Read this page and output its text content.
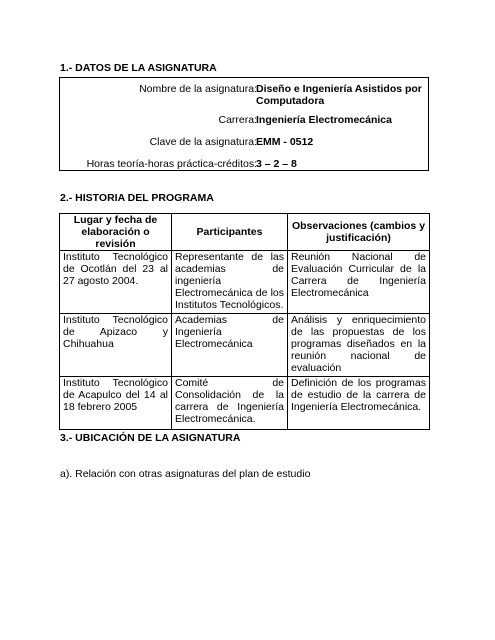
1.- DATOS DE LA ASIGNATURA
Nombre de la asignatura: Diseño e Ingeniería Asistidos por Computadora
Carrera: Ingeniería Electromecánica
Clave de la asignatura: EMM - 0512
Horas teoría-horas práctica-créditos: 3 – 2 – 8
2.- HISTORIA DEL PROGRAMA
Lugar y fecha de elaboración o revisión	Participantes	Observaciones (cambios y justificación)
Instituto Tecnológico de Ocotlán del 23 al 27 agosto 2004.	Representante de las academias de ingeniería Electromecánica de los Institutos Tecnológicos.	Reunión Nacional de Evaluación Curricular de la Carrera de Ingeniería Electromecánica
Instituto Tecnológico de Apizaco y Chihuahua	Academias de Ingeniería Electromecánica	Análisis y enriquecimiento de las propuestas de los programas diseñados en la reunión nacional de evaluación
Instituto Tecnológico de Acapulco del 14 al 18 febrero 2005	Comité de Consolidación de la carrera de Ingeniería Electromecánica.	Definición de los programas de estudio de la carrera de Ingeniería Electromecánica.
3.- UBICACIÓN DE LA ASIGNATURA
a). Relación con otras asignaturas del plan de estudio
